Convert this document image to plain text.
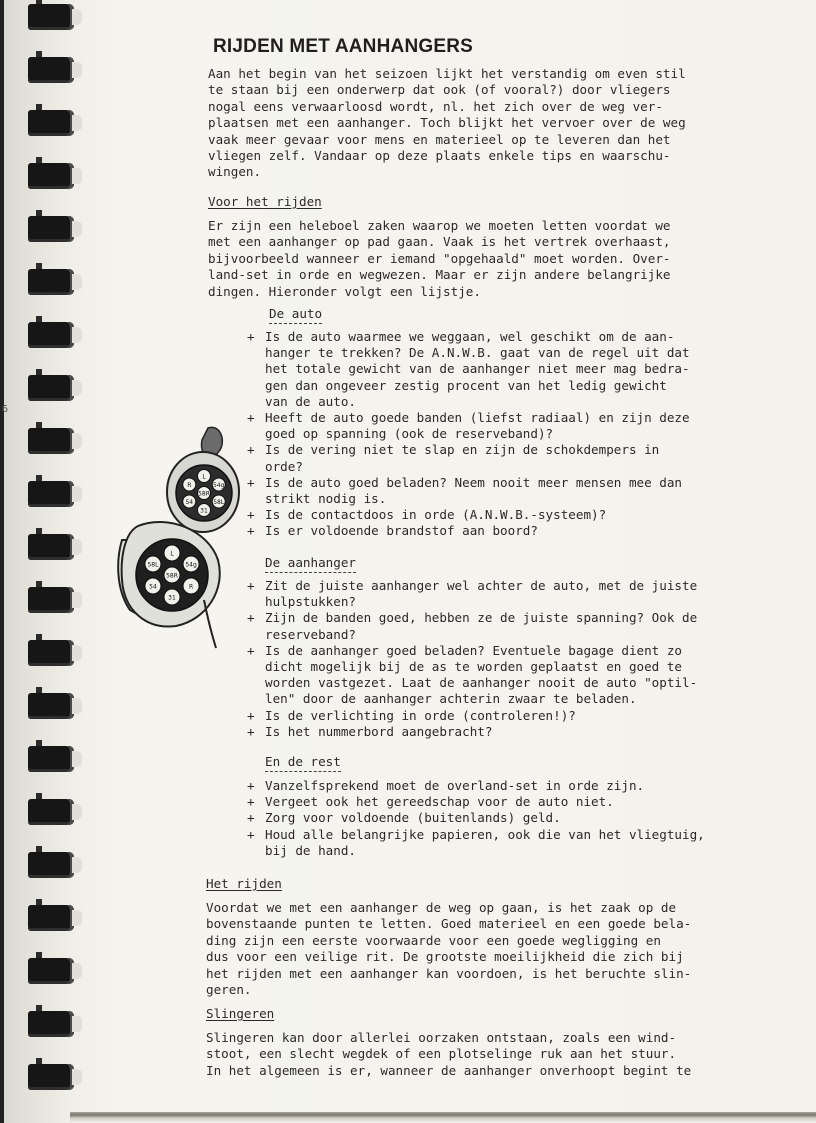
6
RIJDEN MET AANHANGERS

Aan het begin van het seizoen lijkt het verstandig om even stil
te staan bij een onderwerp dat ook (of vooral?) door vliegers
nogal eens verwaarloosd wordt, nl. het zich over de weg ver-
plaatsen met een aanhanger. Toch blijkt het vervoer over de weg
vaak meer gevaar voor mens en materieel op te leveren dan het
vliegen zelf. Vandaar op deze plaats enkele tips en waarschu-
wingen.

Voor het rijden

Er zijn een heleboel zaken waarop we moeten letten voordat we
met een aanhanger op pad gaan. Vaak is het vertrek overhaast,
bijvoorbeeld wanneer er iemand "opgehaald" moet worden. Over-
land-set in orde en wegwezen. Maar er zijn andere belangrijke
dingen. Hieronder volgt een lijstje.

De auto

+ Is de auto waarmee we weggaan, wel geschikt om de aan-
hanger te trekken? De A.N.W.B. gaat van de regel uit dat
het totale gewicht van de aanhanger niet meer mag bedra-
gen dan ongeveer zestig procent van het ledig gewicht
van de auto.
+ Heeft de auto goede banden (liefst radiaal) en zijn deze
goed op spanning (ook de reserveband)?
+ Is de vering niet te slap en zijn de schokdempers in
orde?
+ Is de auto goed beladen? Neem nooit meer mensen mee dan
strikt nodig is.
+ Is de contactdoos in orde (A.N.W.B.-systeem)?
+ Is er voldoende brandstof aan boord?

De aanhanger

+ Zit de juiste aanhanger wel achter de auto, met de juiste
hulpstukken?
+ Zijn de banden goed, hebben ze de juiste spanning? Ook de
reserveband?
+ Is de aanhanger goed beladen? Eventuele bagage dient zo
dicht mogelijk bij de as te worden geplaatst en goed te
worden vastgezet. Laat de aanhanger nooit de auto "optil-
len" door de aanhanger achterin zwaar te beladen.
+ Is de verlichting in orde (controleren!)?
+ Is het nummerbord aangebracht?

En de rest

+ Vanzelfsprekend moet de overland-set in orde zijn.
+ Vergeet ook het gereedschap voor de auto niet.
+ Zorg voor voldoende (buitenlands) geld.
+ Houd alle belangrijke papieren, ook die van het vliegtuig,
bij de hand.

Het rijden

Voordat we met een aanhanger de weg op gaan, is het zaak op de
bovenstaande punten te letten. Goed materieel en een goede bela-
ding zijn een eerste voorwaarde voor een goede wegligging en
dus voor een veilige rit. De grootste moeilijkheid die zich bij
het rijden met een aanhanger kan voordoen, is het beruchte slin-
geren.

Slingeren

Slingeren kan door allerlei oorzaken ontstaan, zoals een wind-
stoot, een slecht wegdek of een plotselinge ruk aan het stuur.
In het algemeen is er, wanneer de aanhanger onverhoopt begint te

L
54g
58L
31
54
R
58R
L
54g
R
31
54
58L
58R
